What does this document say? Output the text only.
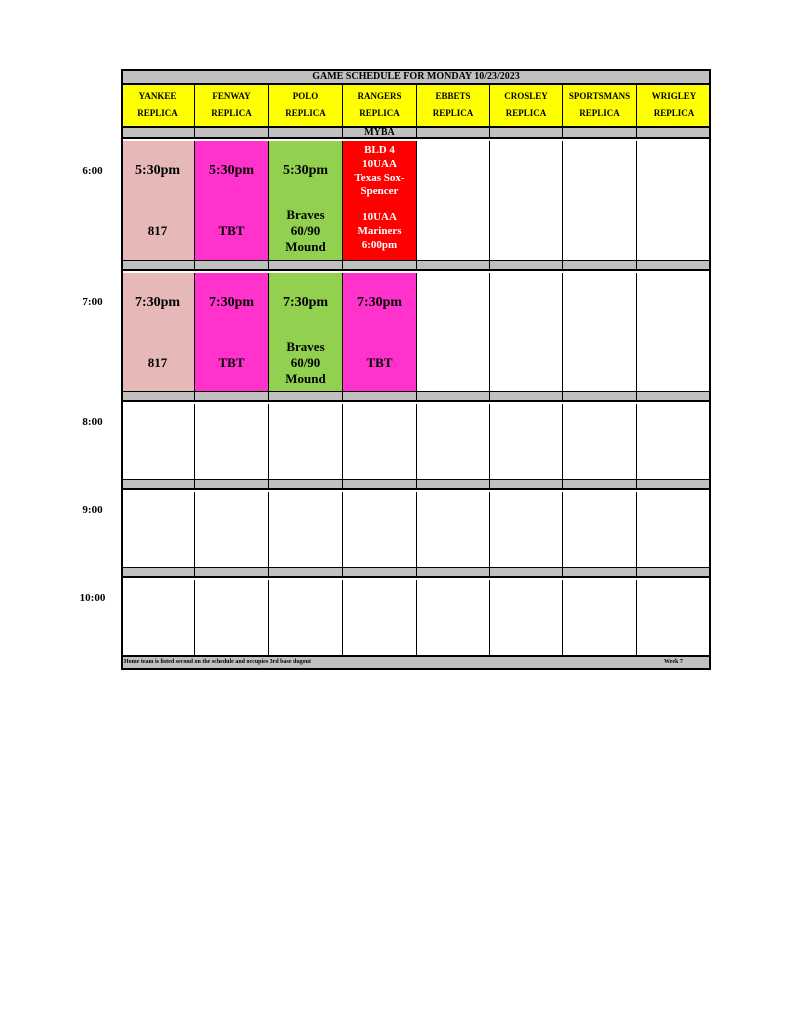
GAME SCHEDULE FOR MONDAY 10/23/2023
YANKEE
REPLICA
FENWAY
REPLICA
POLO
REPLICA
RANGERS
REPLICA
EBBETS
REPLICA
CROSLEY
REPLICA
SPORTSMANS
REPLICA
WRIGLEY
REPLICA
MYBA
6:00
7:00
8:00
9:00
10:00
5:30pm
817
5:30pm
TBT
5:30pm
Braves
60/90
Mound
BLD 4
10UAA
Texas Sox-
Spencer
10UAA
Mariners
6:00pm
7:30pm
817
7:30pm
TBT
7:30pm
Braves
60/90
Mound
7:30pm
TBT
Home team is listed second on the schedule and occupies 3rd base dugout	Week 7
